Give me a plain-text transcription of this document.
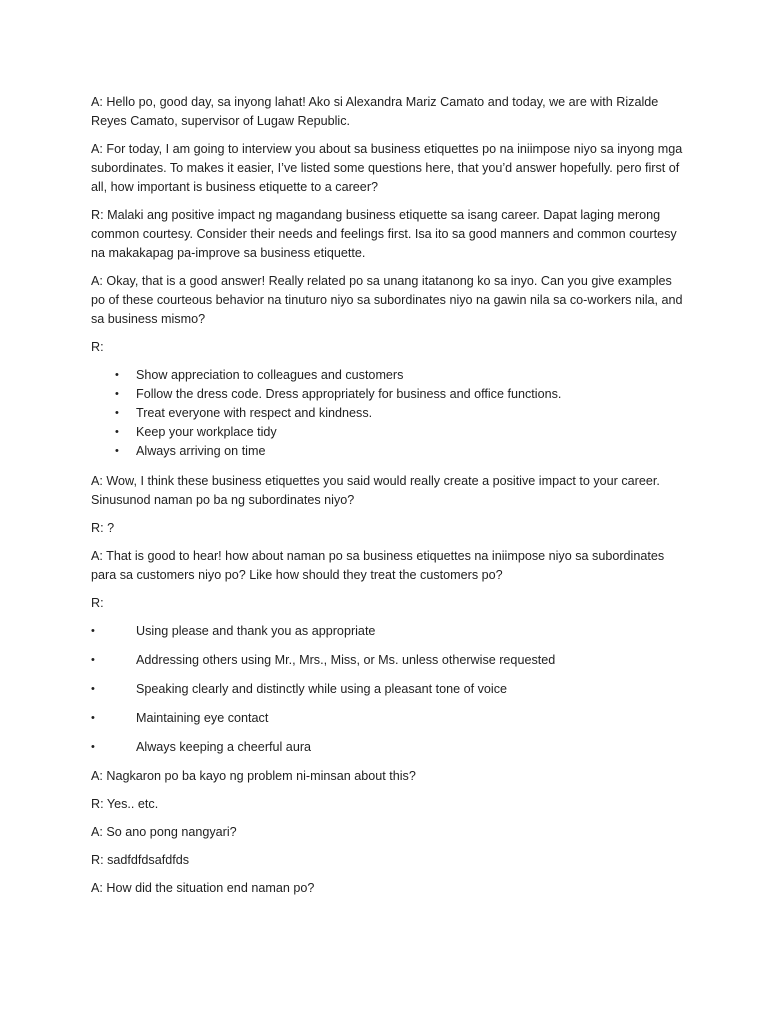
A: Hello po, good day, sa inyong lahat! Ako si Alexandra Mariz Camato and today, we are with Rizalde Reyes Camato, supervisor of Lugaw Republic.

A: For today, I am going to interview you about sa business etiquettes po na iniimpose niyo sa inyong mga subordinates. To makes it easier, I’ve listed some questions here, that you’d answer hopefully. pero first of all, how important is business etiquette to a career?

R: Malaki ang positive impact ng magandang business etiquette sa isang career. Dapat laging merong common courtesy. Consider their needs and feelings first. Isa ito sa good manners and common courtesy na makakapag pa-improve sa business etiquette.

A: Okay, that is a good answer! Really related po sa unang itatanong ko sa inyo. Can you give examples po of these courteous behavior na tinuturo niyo sa subordinates niyo na gawin nila sa co-workers nila, and sa business mismo?

R:

• Show appreciation to colleagues and customers
• Follow the dress code. Dress appropriately for business and office functions.
• Treat everyone with respect and kindness.
• Keep your workplace tidy
• Always arriving on time

A: Wow, I think these business etiquettes you said would really create a positive impact to your career. Sinusunod naman po ba ng subordinates niyo?

R: ?

A: That is good to hear! how about naman po sa business etiquettes na iniimpose niyo sa subordinates para sa customers niyo po? Like how should they treat the customers po?

R:

•	Using please and thank you as appropriate
•	Addressing others using Mr., Mrs., Miss, or Ms. unless otherwise requested
•	Speaking clearly and distinctly while using a pleasant tone of voice
•	Maintaining eye contact
•	Always keeping a cheerful aura

A: Nagkaron po ba kayo ng problem ni-minsan about this?

R: Yes.. etc.

A: So ano pong nangyari?

R: sadfdfdsafdfds

A: How did the situation end naman po?
